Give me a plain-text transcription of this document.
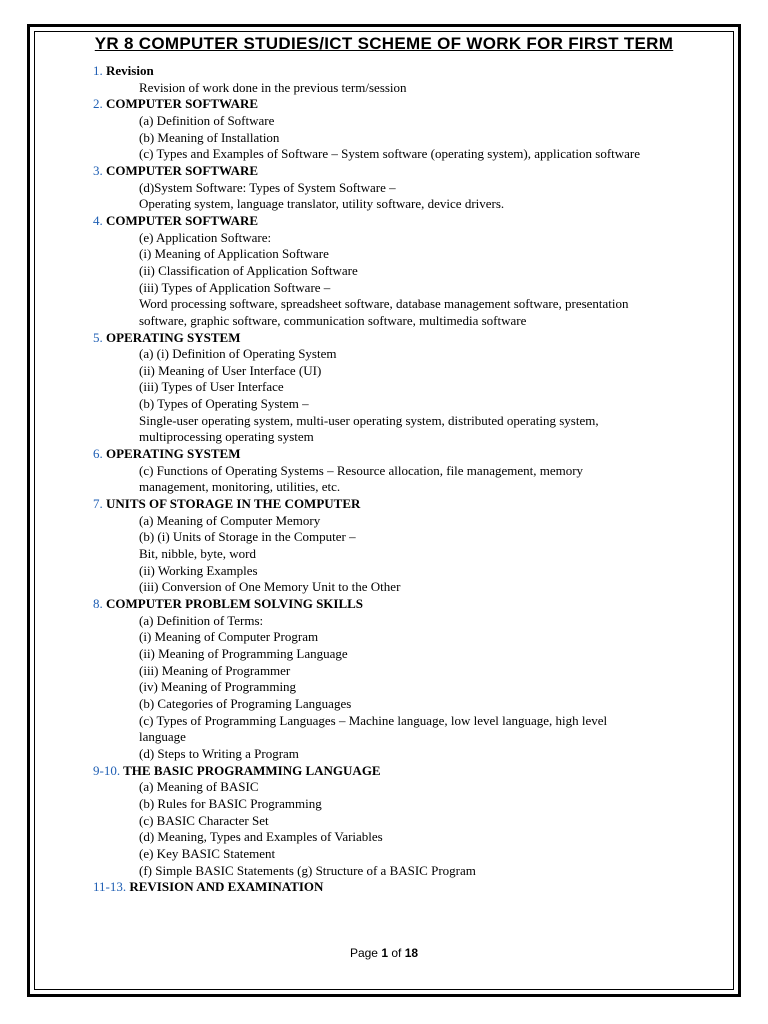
YR 8 COMPUTER STUDIES/ICT SCHEME OF WORK FOR FIRST TERM
1. Revision
Revision of work done in the previous term/session
2. COMPUTER SOFTWARE
(a) Definition of Software
(b) Meaning of Installation
(c) Types and Examples of Software – System software (operating system), application software
3. COMPUTER SOFTWARE
(d)System Software: Types of System Software –
Operating system, language translator, utility software, device drivers.
4. COMPUTER SOFTWARE
(e) Application Software:
(i) Meaning of Application Software
(ii) Classification of Application Software
(iii) Types of Application Software –
Word processing software, spreadsheet software, database management software, presentation
software, graphic software, communication software, multimedia software
5. OPERATING SYSTEM
(a) (i) Definition of Operating System
(ii) Meaning of User Interface (UI)
(iii) Types of User Interface
(b) Types of Operating System –
Single-user operating system, multi-user operating system, distributed operating system,
multiprocessing operating system
6. OPERATING SYSTEM
(c) Functions of Operating Systems – Resource allocation, file management, memory
management, monitoring, utilities, etc.
7. UNITS OF STORAGE IN THE COMPUTER
(a) Meaning of Computer Memory
(b) (i) Units of Storage in the Computer –
Bit, nibble, byte, word
(ii) Working Examples
(iii) Conversion of One Memory Unit to the Other
8. COMPUTER PROBLEM SOLVING SKILLS
(a) Definition of Terms:
(i) Meaning of Computer Program
(ii) Meaning of Programming Language
(iii) Meaning of Programmer
(iv) Meaning of Programming
(b) Categories of Programing Languages
(c) Types of Programming Languages – Machine language, low level language, high level
language
(d) Steps to Writing a Program
9-10. THE BASIC PROGRAMMING LANGUAGE
(a) Meaning of BASIC
(b) Rules for BASIC Programming
(c) BASIC Character Set
(d) Meaning, Types and Examples of Variables
(e) Key BASIC Statement
(f) Simple BASIC Statements (g) Structure of a BASIC Program
11-13. REVISION AND EXAMINATION
Page 1 of 18
